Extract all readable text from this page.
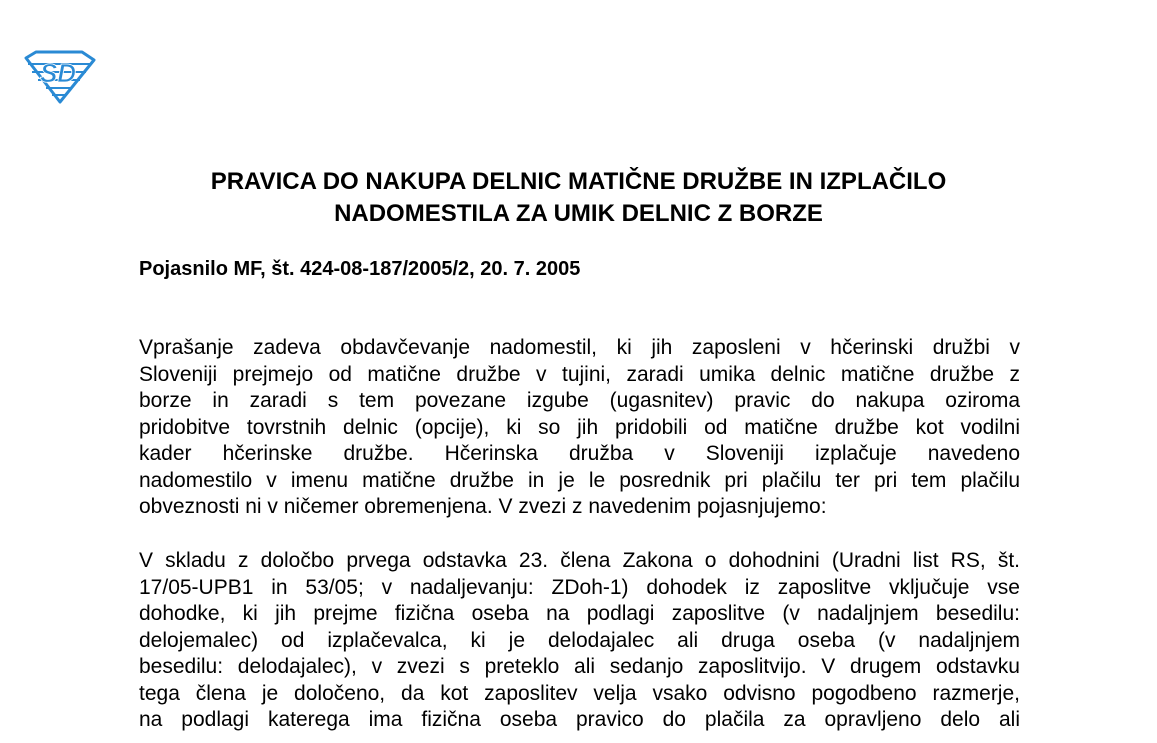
SD
PRAVICA DO NAKUPA DELNIC MATIČNE DRUŽBE IN IZPLAČILO
NADOMESTILA ZA UMIK DELNIC Z BORZE

Pojasnilo MF, št. 424-08-187/2005/2, 20. 7. 2005

Vprašanje zadeva obdavčevanje nadomestil, ki jih zaposleni v hčerinski družbi v
Sloveniji prejmejo od matične družbe v tujini, zaradi umika delnic matične družbe z
borze in zaradi s tem povezane izgube (ugasnitev) pravic do nakupa oziroma
pridobitve tovrstnih delnic (opcije), ki so jih pridobili od matične družbe kot vodilni
kader hčerinske družbe. Hčerinska družba v Sloveniji izplačuje navedeno
nadomestilo v imenu matične družbe in je le posrednik pri plačilu ter pri tem plačilu
obveznosti ni v ničemer obremenjena. V zvezi z navedenim pojasnjujemo:
V skladu z določbo prvega odstavka 23. člena Zakona o dohodnini (Uradni list RS, št.
17/05-UPB1 in 53/05; v nadaljevanju: ZDoh-1) dohodek iz zaposlitve vključuje vse
dohodke, ki jih prejme fizična oseba na podlagi zaposlitve (v nadaljnjem besedilu:
delojemalec) od izplačevalca, ki je delodajalec ali druga oseba (v nadaljnjem
besedilu: delodajalec), v zvezi s preteklo ali sedanjo zaposlitvijo. V drugem odstavku
tega člena je določeno, da kot zaposlitev velja vsako odvisno pogodbeno razmerje,
na podlagi katerega ima fizična oseba pravico do plačila za opravljeno delo ali
